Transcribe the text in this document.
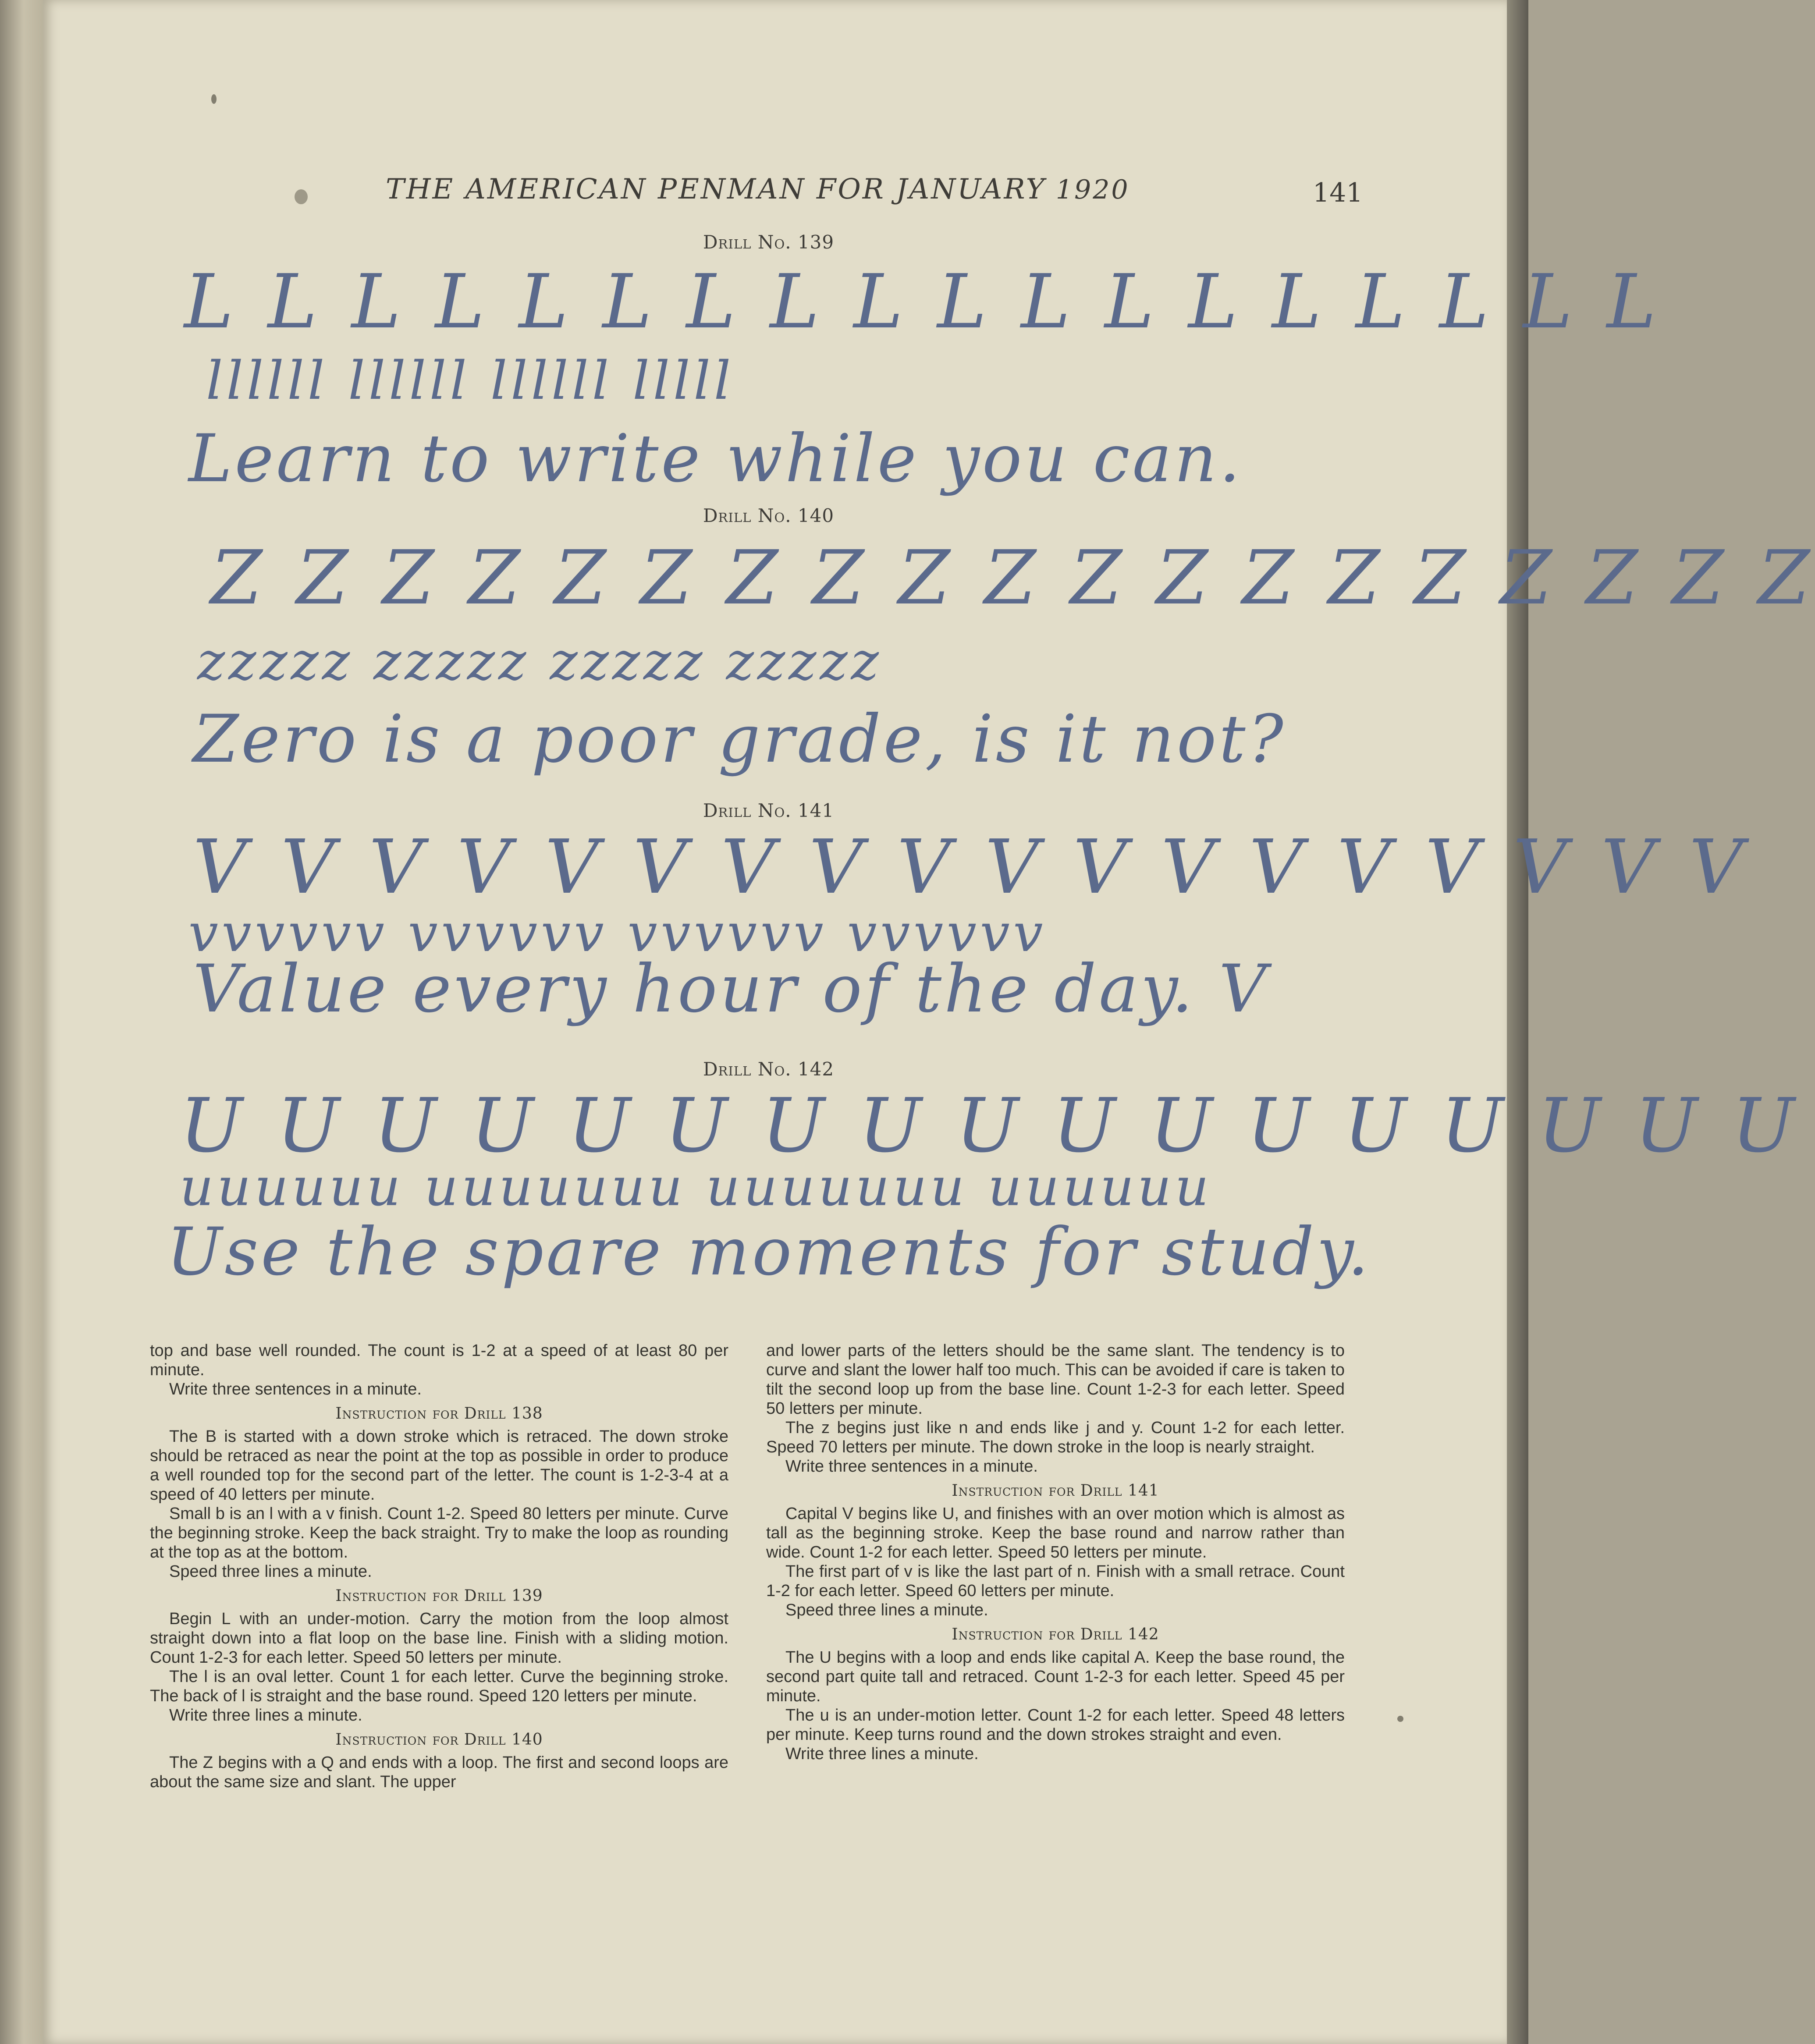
THE AMERICAN PENMAN FOR JANUARY 1920	141
Drill No. 139
L L L L L L L L L L L L L L L L L L
llllll llllll llllll lllll
Learn to write while you can.
Drill No. 140
Z Z Z Z Z Z Z Z Z Z Z Z Z Z Z Z Z Z Z
zzzzz zzzzz zzzzz zzzzz
Zero is a poor grade, is it not?
Drill No. 141
V V V V V V V V V V V V V V V V V V
vvvvvv vvvvvv vvvvvv vvvvvv
Value every hour of the day. V
Drill No. 142
U U U U U U U U U U U U U U U U U
uuuuuu uuuuuuu uuuuuuu uuuuuu
Use the spare moments for study.

top and base well rounded. The count is 1-2 at a speed of at least 80 per minute.

Write three sentences in a minute.

Instruction for Drill 138

The B is started with a down stroke which is retraced. The down stroke should be retraced as near the point at the top as possible in order to produce a well rounded top for the second part of the letter. The count is 1-2-3-4 at a speed of 40 letters per minute.

Small b is an l with a v finish. Count 1-2. Speed 80 letters per minute. Curve the beginning stroke. Keep the back straight. Try to make the loop as rounding at the top as at the bottom.

Speed three lines a minute.

Instruction for Drill 139

Begin L with an under-motion. Carry the motion from the loop almost straight down into a flat loop on the base line. Finish with a sliding motion. Count 1-2-3 for each letter. Speed 50 letters per minute.

The l is an oval letter. Count 1 for each letter. Curve the beginning stroke. The back of l is straight and the base round. Speed 120 letters per minute.

Write three lines a minute.

Instruction for Drill 140

The Z begins with a Q and ends with a loop. The first and second loops are about the same size and slant. The upper

and lower parts of the letters should be the same slant. The tendency is to curve and slant the lower half too much. This can be avoided if care is taken to tilt the second loop up from the base line. Count 1-2-3 for each letter. Speed 50 letters per minute.

The z begins just like n and ends like j and y. Count 1-2 for each letter. Speed 70 letters per minute. The down stroke in the loop is nearly straight.

Write three sentences in a minute.

Instruction for Drill 141

Capital V begins like U, and finishes with an over motion which is almost as tall as the beginning stroke. Keep the base round and narrow rather than wide. Count 1-2 for each letter. Speed 50 letters per minute.

The first part of v is like the last part of n. Finish with a small retrace. Count 1-2 for each letter. Speed 60 letters per minute.

Speed three lines a minute.

Instruction for Drill 142

The U begins with a loop and ends like capital A. Keep the base round, the second part quite tall and retraced. Count 1-2-3 for each letter. Speed 45 per minute.

The u is an under-motion letter. Count 1-2 for each letter. Speed 48 letters per minute. Keep turns round and the down strokes straight and even.

Write three lines a minute.
